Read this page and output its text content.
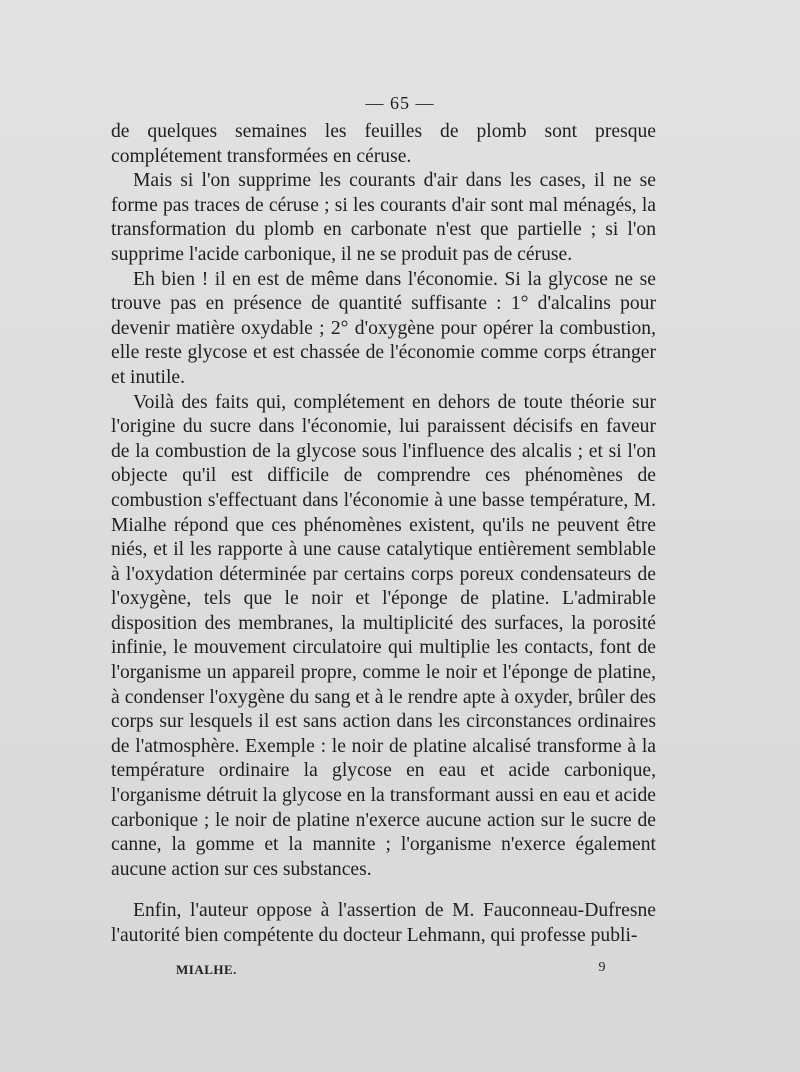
— 65 —

de quelques semaines les feuilles de plomb sont presque complétement transformées en céruse.

Mais si l'on supprime les courants d'air dans les cases, il ne se forme pas traces de céruse ; si les courants d'air sont mal ménagés, la transformation du plomb en carbonate n'est que partielle ; si l'on supprime l'acide carbonique, il ne se produit pas de céruse.

Eh bien ! il en est de même dans l'économie. Si la glycose ne se trouve pas en présence de quantité suffisante : 1° d'alcalins pour devenir matière oxydable ; 2° d'oxygène pour opérer la combustion, elle reste glycose et est chassée de l'économie comme corps étranger et inutile.

Voilà des faits qui, complétement en dehors de toute théorie sur l'origine du sucre dans l'économie, lui paraissent décisifs en faveur de la combustion de la glycose sous l'influence des alcalis ; et si l'on objecte qu'il est difficile de comprendre ces phénomènes de combustion s'effectuant dans l'économie à une basse température, M. Mialhe répond que ces phénomènes existent, qu'ils ne peuvent être niés, et il les rapporte à une cause catalytique entièrement semblable à l'oxydation déterminée par certains corps poreux condensateurs de l'oxygène, tels que le noir et l'éponge de platine. L'admirable disposition des membranes, la multiplicité des surfaces, la porosité infinie, le mouvement circulatoire qui multiplie les contacts, font de l'organisme un appareil propre, comme le noir et l'éponge de platine, à condenser l'oxygène du sang et à le rendre apte à oxyder, brûler des corps sur lesquels il est sans action dans les circonstances ordinaires de l'atmosphère. Exemple : le noir de platine alcalisé transforme à la température ordinaire la glycose en eau et acide carbonique, l'organisme détruit la glycose en la transformant aussi en eau et acide carbonique ; le noir de platine n'exerce aucune action sur le sucre de canne, la gomme et la mannite ; l'organisme n'exerce également aucune action sur ces substances.

Enfin, l'auteur oppose à l'assertion de M. Fauconneau-Dufresne l'autorité bien compétente du docteur Lehmann, qui professe publi-

MIALHE.	9
